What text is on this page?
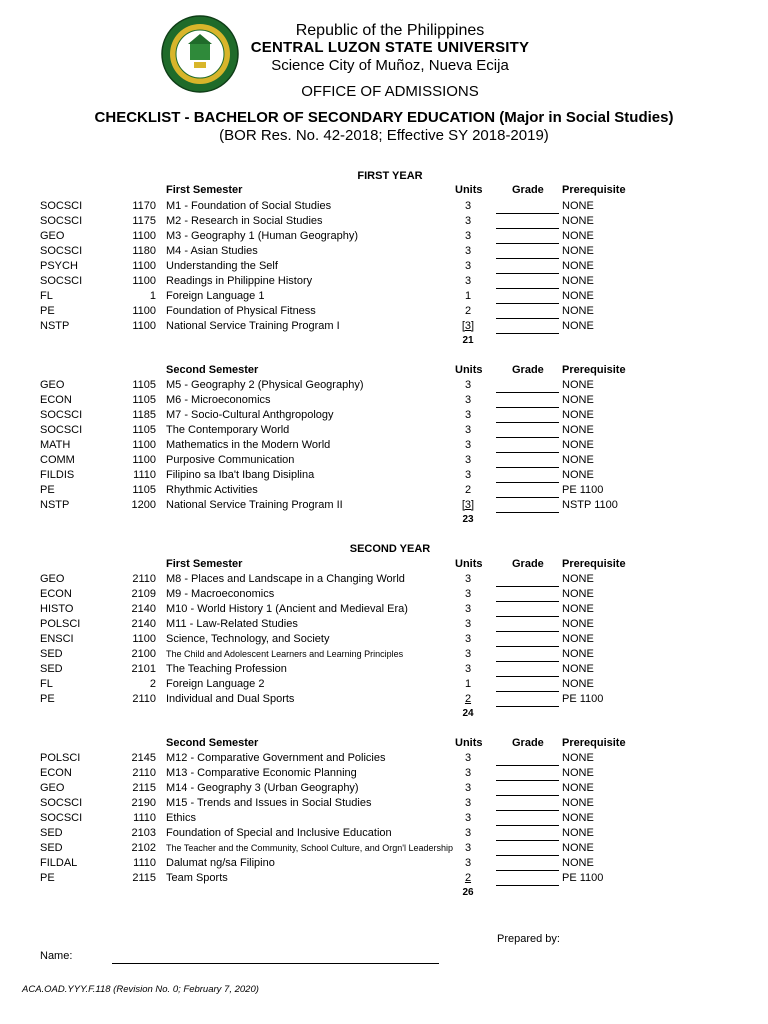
Republic of the Philippines
CENTRAL LUZON STATE UNIVERSITY
Science City of Muñoz, Nueva Ecija
OFFICE OF ADMISSIONS
CHECKLIST - BACHELOR OF SECONDARY EDUCATION (Major in Social Studies)
(BOR Res. No. 42-2018; Effective SY 2018-2019)
FIRST YEAR
First Semester	Units	Grade Prerequisite
SOCSCI	1170 M1 - Foundation of Social Studies	3	NONE
SOCSCI	1175 M2 - Research in Social Studies	3	NONE
GEO	1100 M3 - Geography 1 (Human Geography)	3	NONE
SOCSCI	1180 M4 - Asian Studies	3	NONE
PSYCH	1100 Understanding the Self	3	NONE
SOCSCI	1100 Readings in Philippine History	3	NONE
FL	1 Foreign Language 1	1	NONE
PE	1100 Foundation of Physical Fitness	2	NONE
NSTP	1100 National Service Training Program I	[3]	NONE
21
Second Semester	Units	Grade Prerequisite
GEO	1105 M5 - Geography 2 (Physical Geography)	3	NONE
ECON	1105 M6 - Microeconomics	3	NONE
SOCSCI	1185 M7 - Socio-Cultural Anthgropology	3	NONE
SOCSCI	1105 The Contemporary World	3	NONE
MATH	1100 Mathematics in the Modern World	3	NONE
COMM	1100 Purposive Communication	3	NONE
FILDIS	1110 Filipino sa Iba't Ibang Disiplina	3	NONE
PE	1105 Rhythmic Activities	2	PE 1100
NSTP	1200 National Service Training Program II	[3]	NSTP 1100
23
SECOND YEAR
First Semester	Units	Grade Prerequisite
GEO	2110 M8 - Places and Landscape in a Changing World	3	NONE
ECON	2109 M9 - Macroeconomics	3	NONE
HISTO	2140 M10 - World History 1 (Ancient and Medieval Era)	3	NONE
POLSCI	2140 M11 - Law-Related Studies	3	NONE
ENSCI	1100 Science, Technology, and Society	3	NONE
SED	2100 The Child and Adolescent Learners and Learning Principles	3	NONE
SED	2101 The Teaching Profession	3	NONE
FL	2 Foreign Language 2	1	NONE
PE	2110 Individual and Dual Sports	2	PE 1100
24
Second Semester	Units	Grade Prerequisite
POLSCI	2145 M12 - Comparative Government and Policies	3	NONE
ECON	2110 M13 - Comparative Economic Planning	3	NONE
GEO	2115 M14 - Geography 3 (Urban Geography)	3	NONE
SOCSCI	2190 M15 - Trends and Issues in Social Studies	3	NONE
SOCSCI	1110 Ethics	3	NONE
SED	2103 Foundation of Special and Inclusive Education	3	NONE
SED	2102 The Teacher and the Community, School Culture, and Orgn'l Leadership	3	NONE
FILDAL	1110 Dalumat ng/sa Filipino	3	NONE
PE	2115 Team Sports	2	PE 1100
26
Prepared by:
Name:
ACA.OAD.YYY.F.118 (Revision No. 0; February 7, 2020)
